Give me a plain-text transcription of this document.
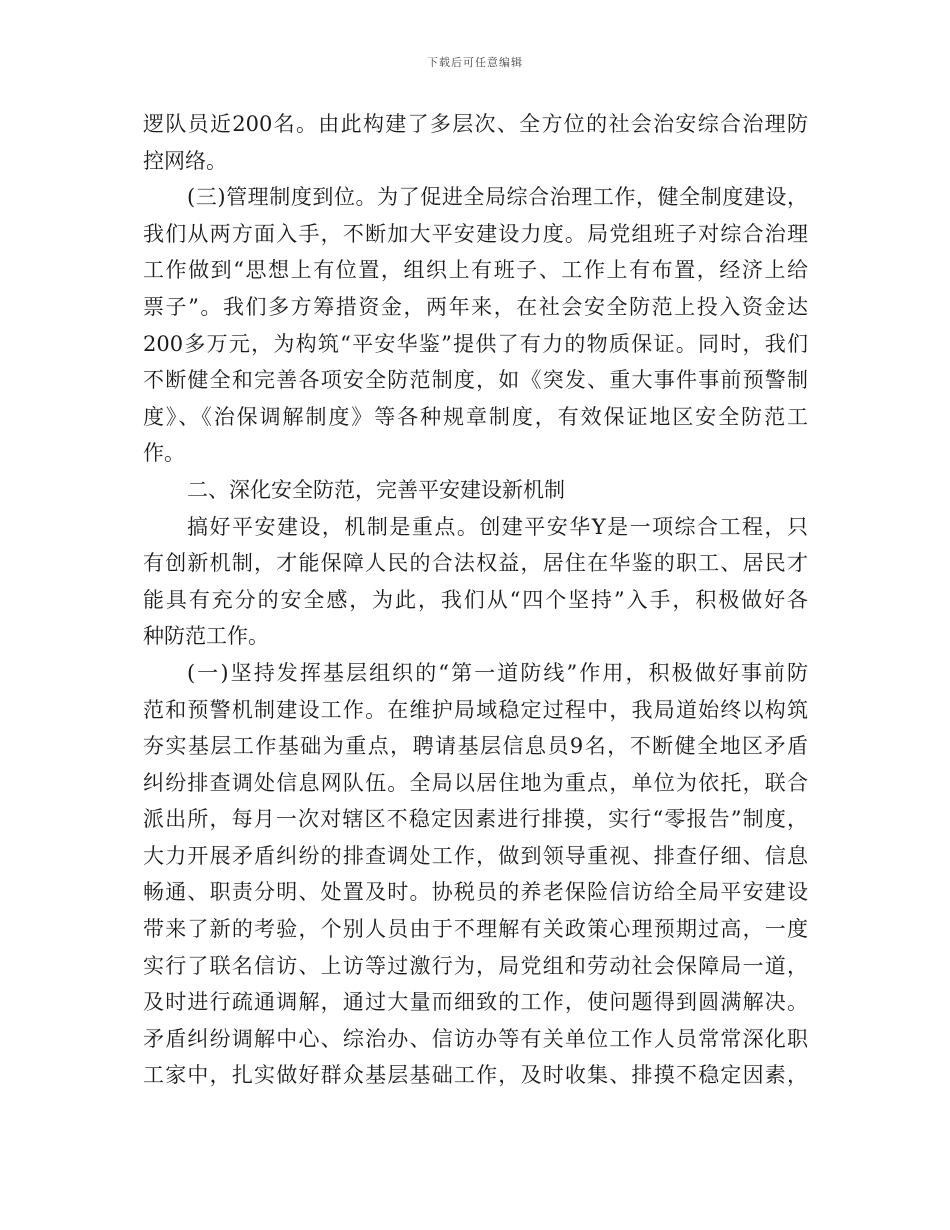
下载后可任意编辑
逻队员近200名。由此构建了多层次、全方位的社会治安综合治理防
控网络。
(三)管理制度到位。为了促进全局综合治理工作，健全制度建设，
我们从两方面入手，不断加大平安建设力度。局党组班子对综合治理
工作做到“思想上有位置，组织上有班子、工作上有布置，经济上给
票子”。我们多方筹措资金，两年来，在社会安全防范上投入资金达
200多万元，为构筑“平安华鉴”提供了有力的物质保证。同时，我们
不断健全和完善各项安全防范制度，如《突发、重大事件事前预警制
度》、《治保调解制度》等各种规章制度，有效保证地区安全防范工
作。
二、深化安全防范，完善平安建设新机制
搞好平安建设，机制是重点。创建平安华Y是一项综合工程，只
有创新机制，才能保障人民的合法权益，居住在华鉴的职工、居民才
能具有充分的安全感，为此，我们从“四个坚持”入手，积极做好各
种防范工作。
(一)坚持发挥基层组织的“第一道防线”作用，积极做好事前防
范和预警机制建设工作。在维护局域稳定过程中，我局道始终以构筑
夯实基层工作基础为重点，聘请基层信息员9名，不断健全地区矛盾
纠纷排查调处信息网队伍。全局以居住地为重点，单位为依托，联合
派出所，每月一次对辖区不稳定因素进行排摸，实行“零报告”制度，
大力开展矛盾纠纷的排查调处工作，做到领导重视、排查仔细、信息
畅通、职责分明、处置及时。协税员的养老保险信访给全局平安建设
带来了新的考验，个别人员由于不理解有关政策心理预期过高，一度
实行了联名信访、上访等过激行为，局党组和劳动社会保障局一道，
及时进行疏通调解，通过大量而细致的工作，使问题得到圆满解决。
矛盾纠纷调解中心、综治办、信访办等有关单位工作人员常常深化职
工家中，扎实做好群众基层基础工作，及时收集、排摸不稳定因素，
